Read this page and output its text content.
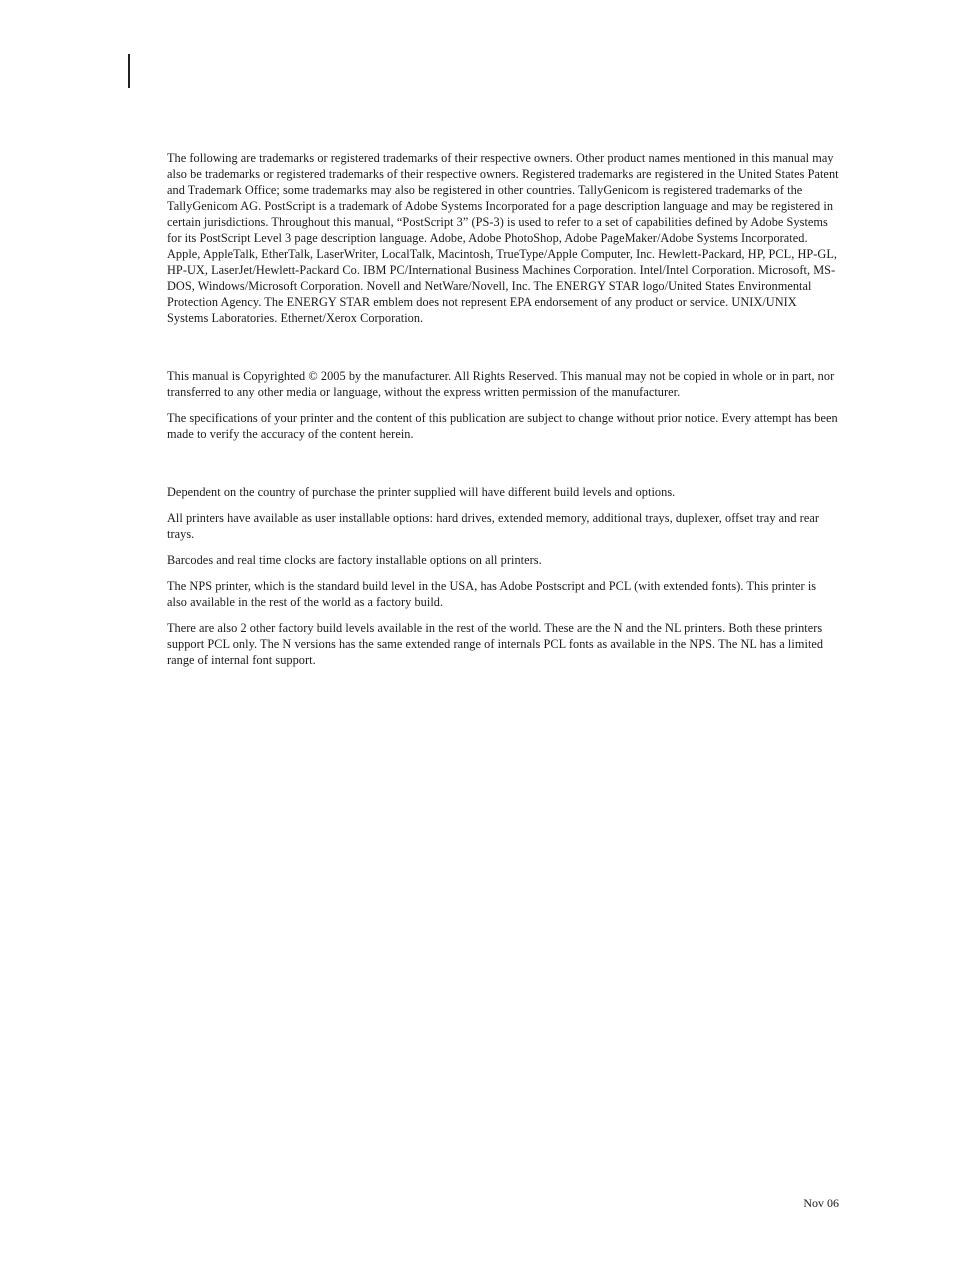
The following are trademarks or registered trademarks of their respective owners. Other product names mentioned in this manual may also be trademarks or registered trademarks of their respective owners. Registered trademarks are registered in the United States Patent and Trademark Office; some trademarks may also be registered in other countries. TallyGenicom is registered trademarks of the TallyGenicom AG. PostScript is a trademark of Adobe Systems Incorporated for a page description language and may be registered in certain jurisdictions. Throughout this manual, “PostScript 3” (PS-3) is used to refer to a set of capabilities defined by Adobe Systems for its PostScript Level 3 page description language. Adobe, Adobe PhotoShop, Adobe PageMaker/Adobe Systems Incorporated. Apple, AppleTalk, EtherTalk, LaserWriter, LocalTalk, Macintosh, TrueType/Apple Computer, Inc. Hewlett-Packard, HP, PCL, HP-GL, HP-UX, LaserJet/Hewlett-Packard Co. IBM PC/International Business Machines Corporation. Intel/Intel Corporation. Microsoft, MS-DOS, Windows/Microsoft Corporation. Novell and NetWare/Novell, Inc. The ENERGY STAR logo/United States Environmental Protection Agency. The ENERGY STAR emblem does not represent EPA endorsement of any product or service. UNIX/UNIX Systems Laboratories. Ethernet/Xerox Corporation.

This manual is Copyrighted © 2005 by the manufacturer. All Rights Reserved. This manual may not be copied in whole or in part, nor transferred to any other media or language, without the express written permission of the manufacturer.

The specifications of your printer and the content of this publication are subject to change without prior notice. Every attempt has been made to verify the accuracy of the content herein.

Dependent on the country of purchase the printer supplied will have different build levels and options.

All printers have available as user installable options: hard drives, extended memory, additional trays, duplexer, offset tray and rear trays.

Barcodes and real time clocks are factory installable options on all printers.

The NPS printer, which is the standard build level in the USA, has Adobe Postscript and PCL (with extended fonts). This printer is also available in the rest of the world as a factory build.

There are also 2 other factory build levels available in the rest of the world. These are the N and the NL printers. Both these printers support PCL only. The N versions has the same extended range of internals PCL fonts as available in the NPS. The NL has a limited range of internal font support.

Nov 06
